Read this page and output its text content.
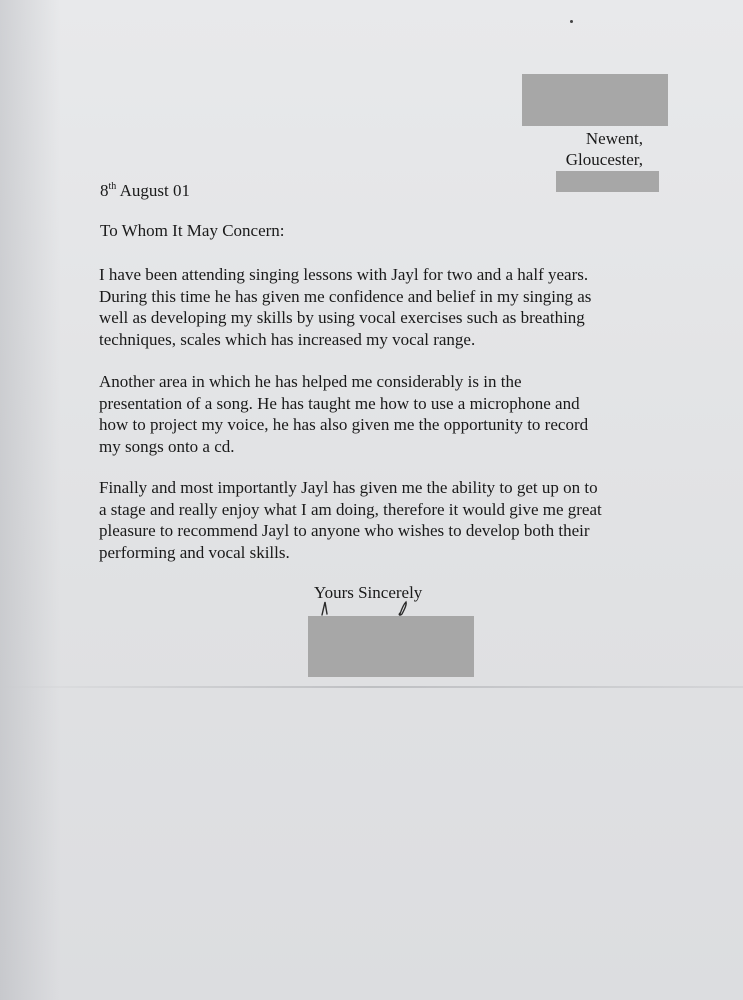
Newent,
Gloucester,
8th August 01
To Whom It May Concern:
I have been attending singing lessons with Jayl for two and a half years.
During this time he has given me confidence and belief in my singing as
well as developing my skills by using vocal exercises such as breathing
techniques, scales which has increased my vocal range.
Another area in which he has helped me considerably is in the
presentation of a song. He has taught me how to use a microphone and
how to project my voice, he has also given me the opportunity to record
my songs onto a cd.
Finally and most importantly Jayl has given me the ability to get up on to
a stage and really enjoy what I am doing, therefore it would give me great
pleasure to recommend Jayl to anyone who wishes to develop both their
performing and vocal skills.
Yours Sincerely
